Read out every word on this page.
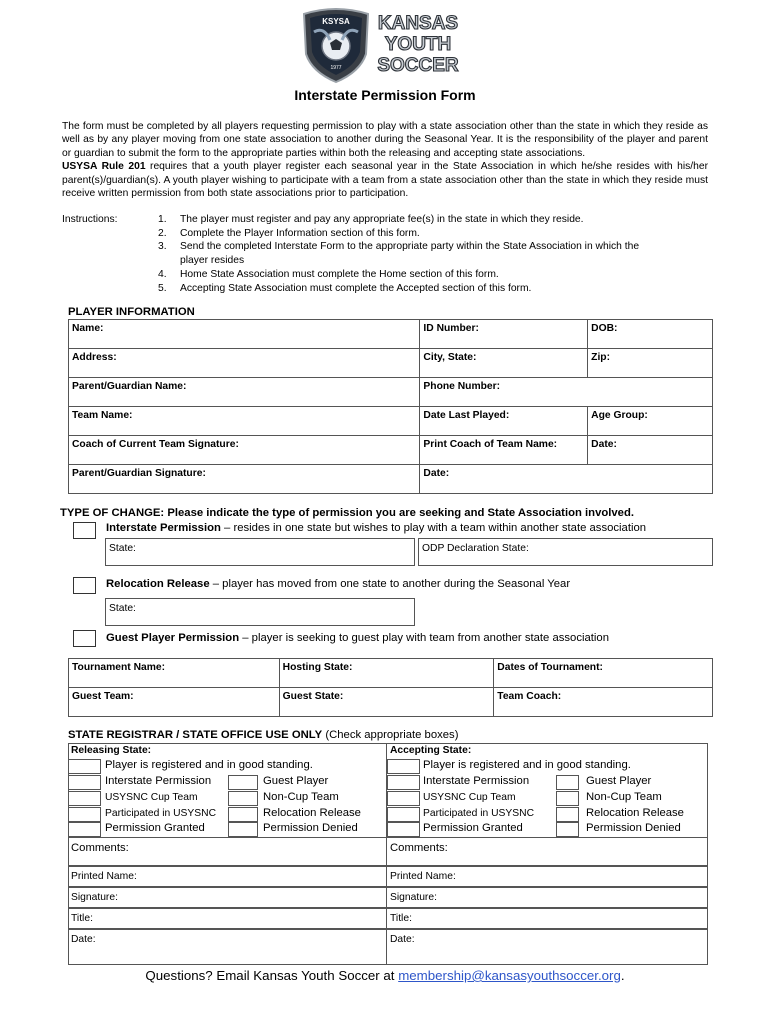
KSYSA
1977
KANSAS
YOUTH
SOCCER
Interstate Permission Form

The form must be completed by all players requesting permission to play with a state association other than the state in which they reside as well as by any player moving from one state association to another during the Seasonal Year. It is the responsibility of the player and parent or guardian to submit the form to the appropriate parties within both the releasing and accepting state associations.

USYSA Rule 201 requires that a youth player register each seasonal year in the State Association in which he/she resides with his/her parent(s)/guardian(s). A youth player wishing to participate with a team from a state association other than the state in which they reside must receive written permission from both state associations prior to participation.

Instructions:	1. The player must register and pay any appropriate fee(s) in the state in which they reside.
2. Complete the Player Information section of this form.
3. Send the completed Interstate Form to the appropriate party within the State Association in which the
player resides
4. Home State Association must complete the Home section of this form.
5. Accepting State Association must complete the Accepted section of this form.
PLAYER INFORMATION
Name:	ID Number:	DOB:
Address:	City, State:	Zip:
Parent/Guardian Name:	Phone Number:	
Team Name:	Date Last Played:	Age Group:
Coach of Current Team Signature:	Print Coach of Team Name:	Date:
Parent/Guardian Signature:	Date:	
TYPE OF CHANGE: Please indicate the type of permission you are seeking and State Association involved.
Interstate Permission – resides in one state but wishes to play with a team within another state association
State:	ODP Declaration State:
Relocation Release – player has moved from one state to another during the Seasonal Year
State:
Guest Player Permission – player is seeking to guest play with team from another state association
Tournament Name:	Hosting State:	Dates of Tournament:
Guest Team:	Guest State:	Team Coach:
STATE REGISTRAR / STATE OFFICE USE ONLY (Check appropriate boxes)
Releasing State:
Player is registered and in good standing.
Interstate Permission	Guest Player
USYSNC Cup Team	Non-Cup Team
Participated in USYSNC	Relocation Release
Permission Granted	Permission Denied
Comments:
Printed Name:
Signature:
Title:
Date:
Accepting State:
Player is registered and in good standing.
Interstate Permission	Guest Player
USYSNC Cup Team	Non-Cup Team
Participated in USYSNC	Relocation Release
Permission Granted	Permission Denied
Comments:
Printed Name:
Signature:
Title:
Date:
Questions? Email Kansas Youth Soccer at membership@kansasyouthsoccer.org.
